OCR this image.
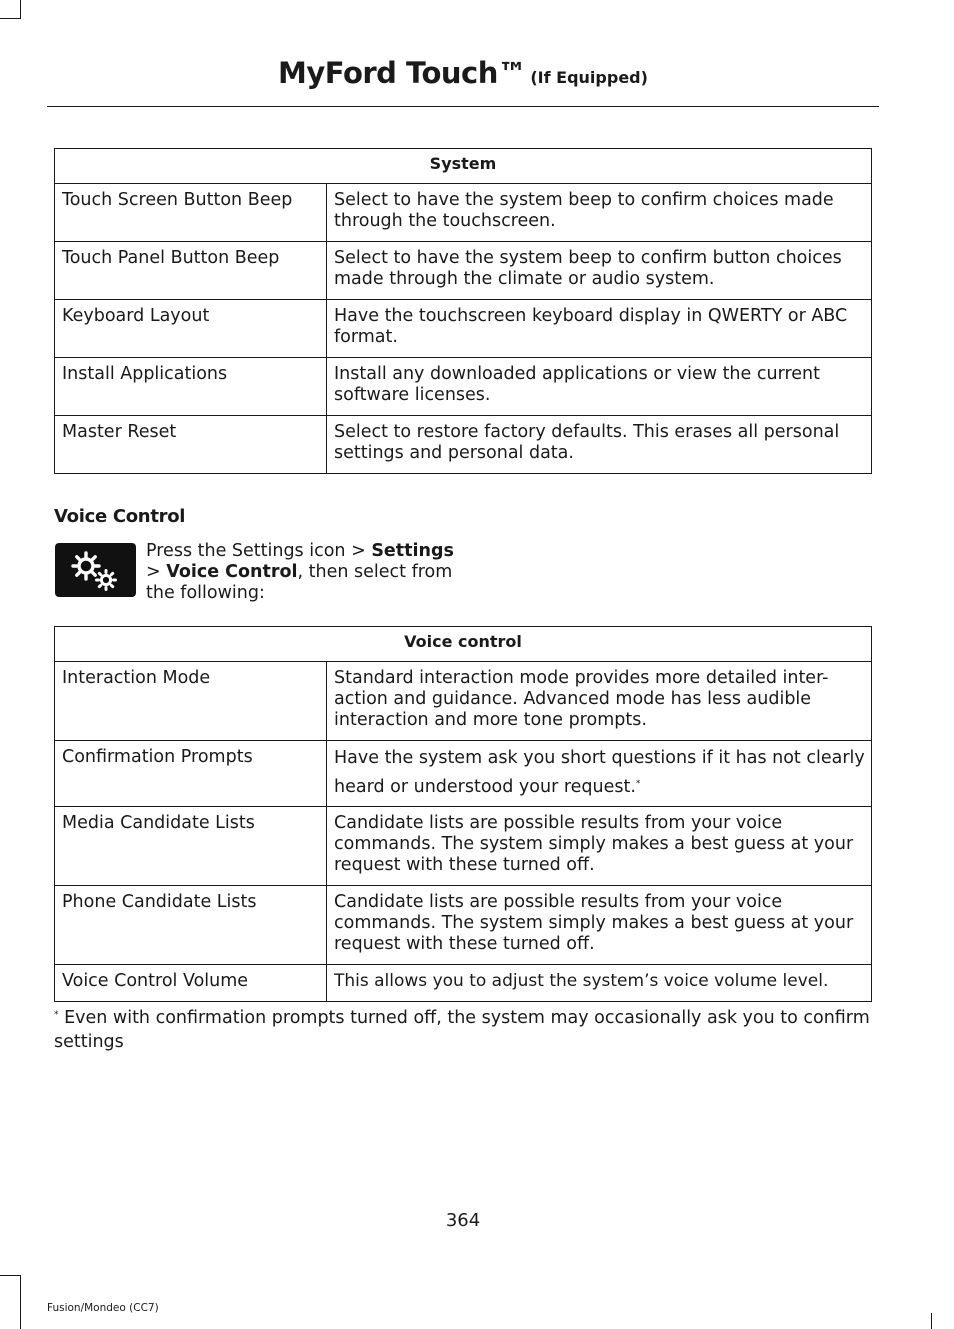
MyFord Touch™ (If Equipped)
System	
Touch Screen Button Beep	Select to have the system beep to confirm choices made through the touchscreen.
Touch Panel Button Beep	Select to have the system beep to confirm button choices made through the climate or audio system.
Keyboard Layout	Have the touchscreen keyboard display in QWERTY or ABC format.
Install Applications	Install any downloaded applications or view the current software licenses.
Master Reset	Select to restore factory defaults. This erases all personal settings and personal data.
Voice Control
Press the Settings icon > Settings > Voice Control, then select from the following:
Voice control	
Interaction Mode	Standard interaction mode provides more detailed inter-action and guidance. Advanced mode has less audible interaction and more tone prompts.
Confirmation Prompts	Have the system ask you short questions if it has not clearly heard or understood your request.*
Media Candidate Lists	Candidate lists are possible results from your voice commands. The system simply makes a best guess at your request with these turned off.
Phone Candidate Lists	Candidate lists are possible results from your voice commands. The system simply makes a best guess at your request with these turned off.
Voice Control Volume	This allows you to adjust the system’s voice volume level.
* Even with confirmation prompts turned off, the system may occasionally ask you to confirm settings
364
Fusion/Mondeo (CC7)
